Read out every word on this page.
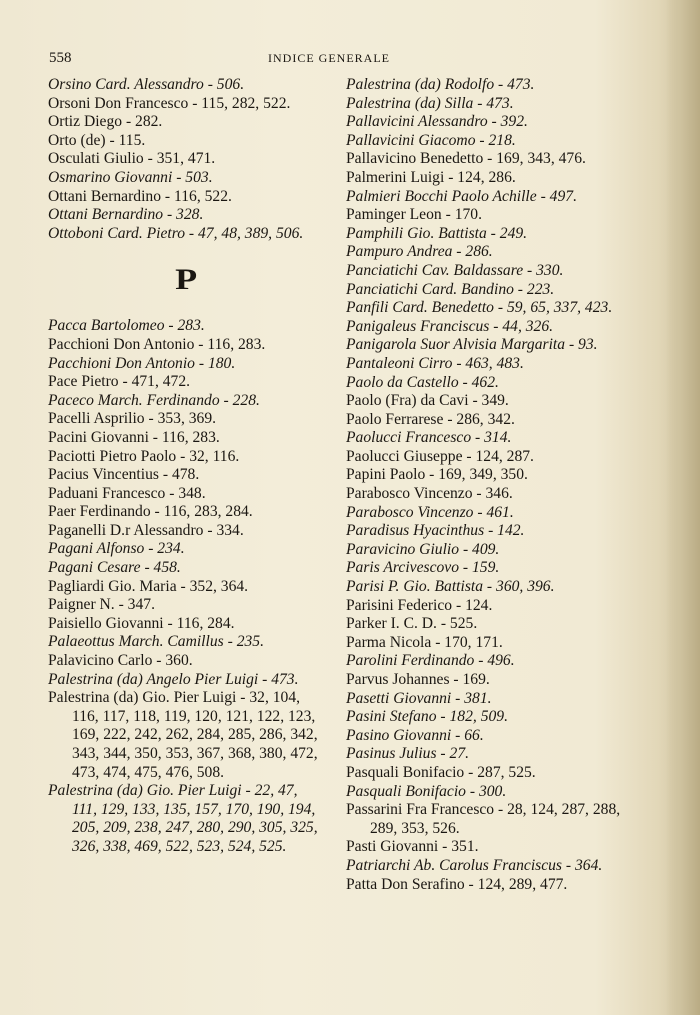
558	INDICE GENERALE

Orsino Card. Alessandro - 506.

Orsoni Don Francesco - 115, 282, 522.

Ortiz Diego - 282.

Orto (de) - 115.

Osculati Giulio - 351, 471.

Osmarino Giovanni - 503.

Ottani Bernardino - 116, 522.

Ottani Bernardino - 328.

Ottoboni Card. Pietro - 47, 48, 389, 506.

P

Pacca Bartolomeo - 283.

Pacchioni Don Antonio - 116, 283.

Pacchioni Don Antonio - 180.

Pace Pietro - 471, 472.

Paceco March. Ferdinando - 228.

Pacelli Asprilio - 353, 369.

Pacini Giovanni - 116, 283.

Paciotti Pietro Paolo - 32, 116.

Pacius Vincentius - 478.

Paduani Francesco - 348.

Paer Ferdinando - 116, 283, 284.

Paganelli D.r Alessandro - 334.

Pagani Alfonso - 234.

Pagani Cesare - 458.

Pagliardi Gio. Maria - 352, 364.

Paigner N. - 347.

Paisiello Giovanni - 116, 284.

Palaeottus March. Camillus - 235.

Palavicino Carlo - 360.

Palestrina (da) Angelo Pier Luigi - 473.

Palestrina (da) Gio. Pier Luigi - 32, 104, 116, 117, 118, 119, 120, 121, 122, 123, 169, 222, 242, 262, 284, 285, 286, 342, 343, 344, 350, 353, 367, 368, 380, 472, 473, 474, 475, 476, 508.

Palestrina (da) Gio. Pier Luigi - 22, 47, 111, 129, 133, 135, 157, 170, 190, 194, 205, 209, 238, 247, 280, 290, 305, 325, 326, 338, 469, 522, 523, 524, 525.

Palestrina (da) Rodolfo - 473.

Palestrina (da) Silla - 473.

Pallavicini Alessandro - 392.

Pallavicini Giacomo - 218.

Pallavicino Benedetto - 169, 343, 476.

Palmerini Luigi - 124, 286.

Palmieri Bocchi Paolo Achille - 497.

Paminger Leon - 170.

Pamphili Gio. Battista - 249.

Pampuro Andrea - 286.

Panciatichi Cav. Baldassare - 330.

Panciatichi Card. Bandino - 223.

Panfili Card. Benedetto - 59, 65, 337, 423.

Panigaleus Franciscus - 44, 326.

Panigarola Suor Alvisia Margarita - 93.

Pantaleoni Cirro - 463, 483.

Paolo da Castello - 462.

Paolo (Fra) da Cavi - 349.

Paolo Ferrarese - 286, 342.

Paolucci Francesco - 314.

Paolucci Giuseppe - 124, 287.

Papini Paolo - 169, 349, 350.

Parabosco Vincenzo - 346.

Parabosco Vincenzo - 461.

Paradisus Hyacinthus - 142.

Paravicino Giulio - 409.

Paris Arcivescovo - 159.

Parisi P. Gio. Battista - 360, 396.

Parisini Federico - 124.

Parker I. C. D. - 525.

Parma Nicola - 170, 171.

Parolini Ferdinando - 496.

Parvus Johannes - 169.

Pasetti Giovanni - 381.

Pasini Stefano - 182, 509.

Pasino Giovanni - 66.

Pasinus Julius - 27.

Pasquali Bonifacio - 287, 525.

Pasquali Bonifacio - 300.

Passarini Fra Francesco - 28, 124, 287, 288, 289, 353, 526.

Pasti Giovanni - 351.

Patriarchi Ab. Carolus Franciscus - 364.

Patta Don Serafino - 124, 289, 477.
